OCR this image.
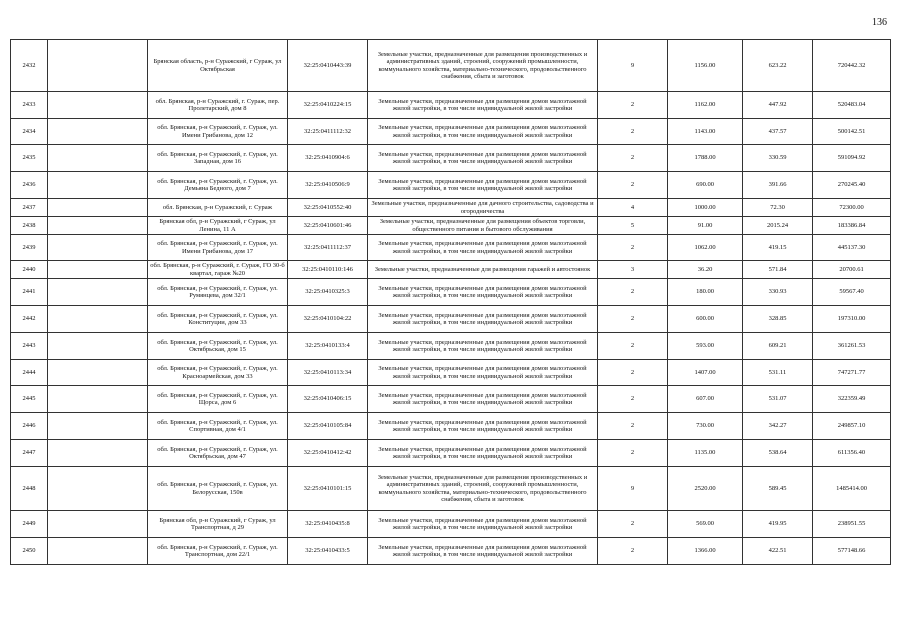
136
2432		Брянская область, р-н Суражский, г Сураж, ул Октябрьская	32:25:0410443:39	Земельные участки, предназначенные для размещения производственных и административных зданий, строений, сооружений промышленности, коммунального хозяйства, материально-технического, продовольственного снабжения, сбыта и заготовок	9	1156.00	623.22	720442.32
2433		обл. Брянская, р-н Суражский, г. Сураж, пер. Пролетарский, дом 8	32:25:0410224:15	Земельные участки, предназначенные для размещения домов малоэтажной жилой застройки, в том числе индивидуальной жилой застройки	2	1162.00	447.92	520483.04
2434		обл. Брянская, р-н Суражский, г. Сураж, ул. Имени Грибанова, дом 12	32:25:0411112:32	Земельные участки, предназначенные для размещения домов малоэтажной жилой застройки, в том числе индивидуальной жилой застройки	2	1143.00	437.57	500142.51
2435		обл. Брянская, р-н Суражский, г. Сураж, ул. Западная, дом 16	32:25:0410904:6	Земельные участки, предназначенные для размещения домов малоэтажной жилой застройки, в том числе индивидуальной жилой застройки	2	1788.00	330.59	591094.92
2436		обл. Брянская, р-н Суражский, г. Сураж, ул. Демьяна Бедного, дом 7	32:25:0410506:9	Земельные участки, предназначенные для размещения домов малоэтажной жилой застройки, в том числе индивидуальной жилой застройки	2	690.00	391.66	270245.40
2437		обл. Брянская, р-н Суражский, г. Сураж	32:25:0410552:40	Земельные участки, предназначенные для дачного строительства, садоводства и огородничества	4	1000.00	72.30	72300.00
2438		Брянская обл, р-н Суражский, г Сураж, ул Ленина, 11 А	32:25:0410601:46	Земельные участки, предназначенные для размещения объектов торговли, общественного питания и бытового обслуживания	5	91.00	2015.24	183386.84
2439		обл. Брянская, р-н Суражский, г. Сураж, ул. Имени Грибанова, дом 17	32:25:0411112:37	Земельные участки, предназначенные для размещения домов малоэтажной жилой застройки, в том числе индивидуальной жилой застройки	2	1062.00	419.15	445137.30
2440		обл. Брянская, р-н Суражский, г. Сураж, ГО 30-б квартал, гараж №20	32:25:0410110:146	Земельные участки, предназначенные для размещения гаражей и автостоянок	3	36.20	571.84	20700.61
2441		обл. Брянская, р-н Суражский, г. Сураж, ул. Румянцева, дом 32/1	32:25:0410325:3	Земельные участки, предназначенные для размещения домов малоэтажной жилой застройки, в том числе индивидуальной жилой застройки	2	180.00	330.93	59567.40
2442		обл. Брянская, р-н Суражский, г. Сураж, ул. Конституции, дом 33	32:25:0410104:22	Земельные участки, предназначенные для размещения домов малоэтажной жилой застройки, в том числе индивидуальной жилой застройки	2	600.00	328.85	197310.00
2443		обл. Брянская, р-н Суражский, г. Сураж, ул. Октябрьская, дом 15	32:25:0410133:4	Земельные участки, предназначенные для размещения домов малоэтажной жилой застройки, в том числе индивидуальной жилой застройки	2	593.00	609.21	361261.53
2444		обл. Брянская, р-н Суражский, г. Сураж, ул. Красноармейская, дом 33	32:25:0410113:34	Земельные участки, предназначенные для размещения домов малоэтажной жилой застройки, в том числе индивидуальной жилой застройки	2	1407.00	531.11	747271.77
2445		обл. Брянская, р-н Суражский, г. Сураж, ул. Щорса, дом 6	32:25:0410406:15	Земельные участки, предназначенные для размещения домов малоэтажной жилой застройки, в том числе индивидуальной жилой застройки	2	607.00	531.07	322359.49
2446		обл. Брянская, р-н Суражский, г. Сураж, ул. Спортивная, дом 4/1	32:25:0410105:84	Земельные участки, предназначенные для размещения домов малоэтажной жилой застройки, в том числе индивидуальной жилой застройки	2	730.00	342.27	249857.10
2447		обл. Брянская, р-н Суражский, г. Сураж, ул. Октябрьская, дом 47	32:25:0410412:42	Земельные участки, предназначенные для размещения домов малоэтажной жилой застройки, в том числе индивидуальной жилой застройки	2	1135.00	538.64	611356.40
2448		обл. Брянская, р-н Суражский, г. Сураж, ул. Белорусская, 150в	32:25:0410101:15	Земельные участки, предназначенные для размещения производственных и административных зданий, строений, сооружений промышленности, коммунального хозяйства, материально-технического, продовольственного снабжения, сбыта и заготовок	9	2520.00	589.45	1485414.00
2449		Брянская обл, р-н Суражский, г Сураж, ул Транспортная, д 29	32:25:0410435:8	Земельные участки, предназначенные для размещения домов малоэтажной жилой застройки, в том числе индивидуальной жилой застройки	2	569.00	419.95	238951.55
2450		обл. Брянская, р-н Суражский, г. Сураж, ул. Транспортная, дом 22/1	32:25:0410433:5	Земельные участки, предназначенные для размещения домов малоэтажной жилой застройки, в том числе индивидуальной жилой застройки	2	1366.00	422.51	577148.66
